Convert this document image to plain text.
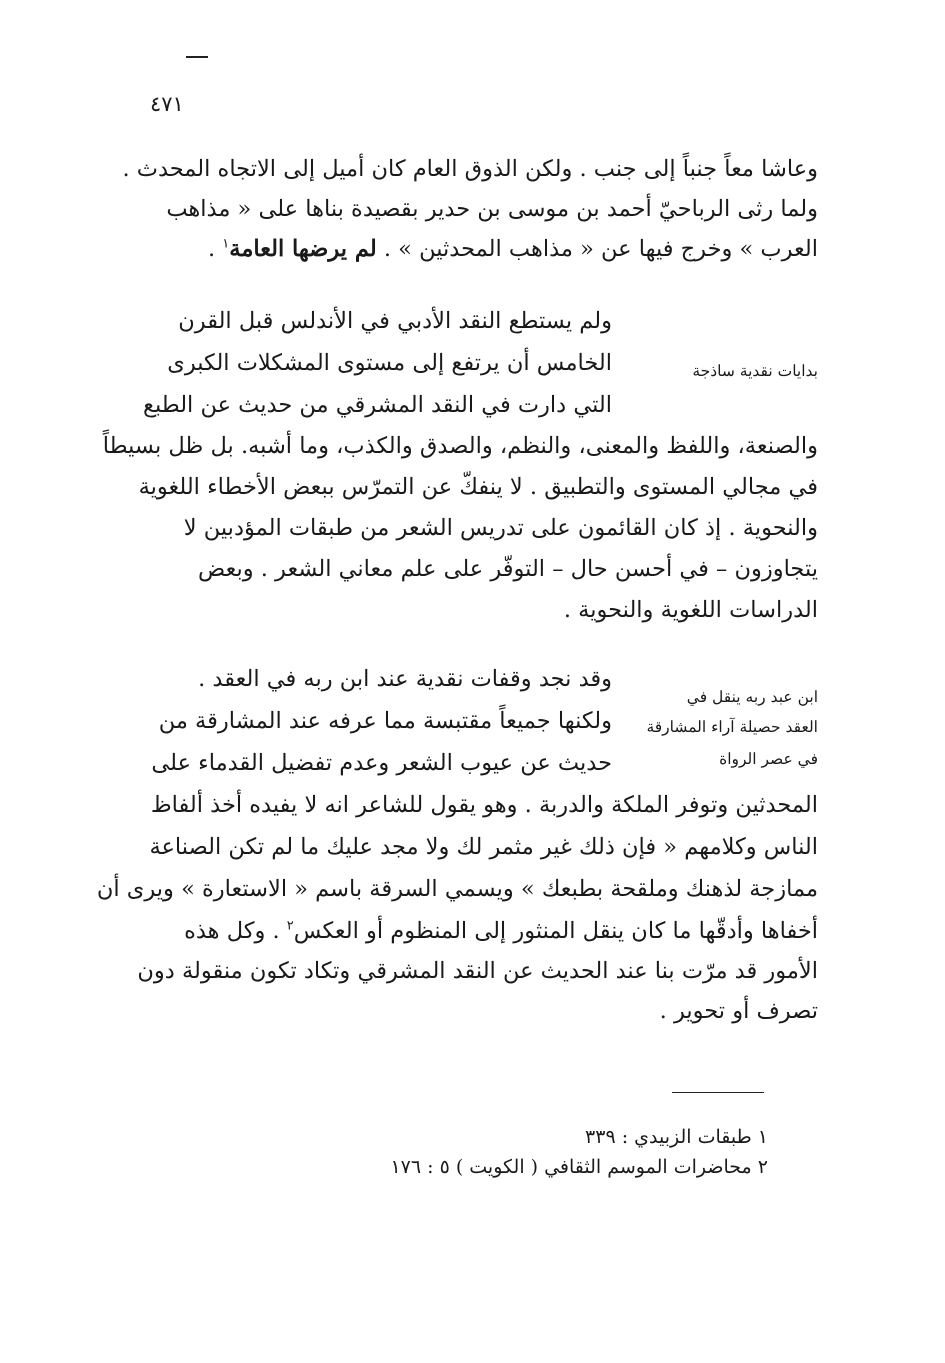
٤٧١
وعاشا معاً جنباً إلى جنب . ولكن الذوق العام كان أميل إلى الاتجاه المحدث .
ولما رثى الرباحيّ أحمد بن موسى بن حدير بقصيدة بناها على « مذاهب
العرب » وخرج فيها عن « مذاهب المحدثين » . لم يرضها العامة$^١$ .
بدايات نقدية ساذجة
ولم يستطع النقد الأدبي في الأندلس قبل القرن
الخامس أن يرتفع إلى مستوى المشكلات الكبرى
التي دارت في النقد المشرقي من حديث عن الطبع
والصنعة، واللفظ والمعنى، والنظم، والصدق والكذب، وما أشبه. بل ظل بسيطاً
في مجالي المستوى والتطبيق . لا ينفكّ عن التمرّس ببعض الأخطاء اللغوية
والنحوية . إذ كان القائمون على تدريس الشعر من طبقات المؤدبين لا
يتجاوزون – في أحسن حال – التوفّر على علم معاني الشعر . وبعض
الدراسات اللغوية والنحوية .
ابن عبد ربه ينقل في
العقد حصيلة آراء المشارقة
في عصر الرواة
وقد نجد وقفات نقدية عند ابن ربه في العقد .
ولكنها جميعاً مقتبسة مما عرفه عند المشارقة من
حديث عن عيوب الشعر وعدم تفضيل القدماء على
المحدثين وتوفر الملكة والدربة . وهو يقول للشاعر انه لا يفيده أخذ ألفاظ
الناس وكلامهم « فإن ذلك غير مثمر لك ولا مجد عليك ما لم تكن الصناعة
ممازجة لذهنك وملقحة بطبعك » ويسمي السرقة باسم « الاستعارة » ويرى أن
أخفاها وأدقّها ما كان ينقل المنثور إلى المنظوم أو العكس$^٢$ . وكل هذه
الأمور قد مرّت بنا عند الحديث عن النقد المشرقي وتكاد تكون منقولة دون
تصرف أو تحوير .
١ طبقات الزبيدي : ٣٣٩
٢ محاضرات الموسم الثقافي ( الكويت ) ٥ : ١٧٦
